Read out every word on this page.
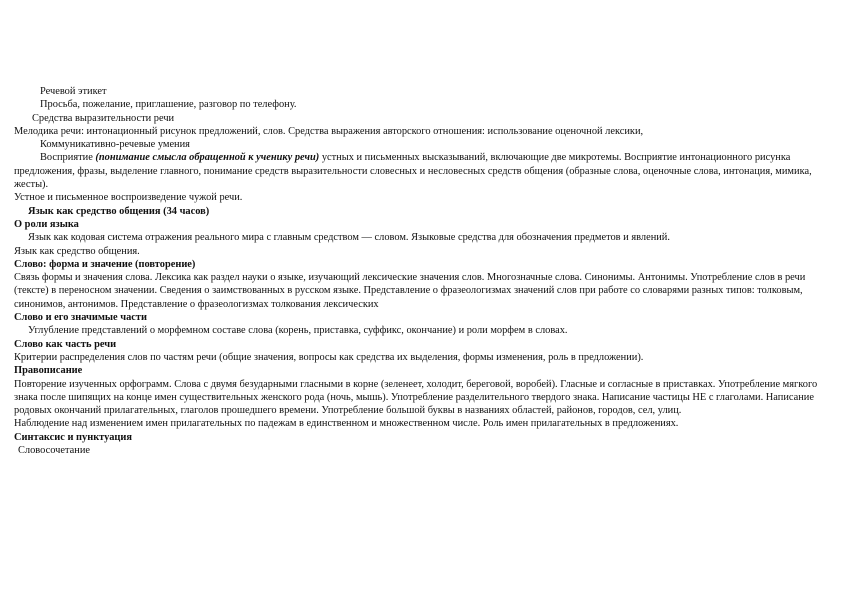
Речевой этикет

Просьба, пожелание, приглашение, разговор по телефону.

Средства выразительности речи

Мелодика речи: интонационный рисунок предложений, слов. Средства выражения авторского отношения: использование оценочной лексики,

Коммуникативно-речевые умения

Восприятие (понимание смысла обращенной к ученику речи) устных и письменных высказываний, включающие две микротемы. Восприятие интонационного рисунка предложения, фразы, выделение главного, понимание средств выразительности словесных и несловесных средств общения (образные слова, оценочные слова, интонация, мимика, жесты).

Устное и письменное воспроизведение чужой речи.

Язык как средство общения (34 часов)

О роли языка

Язык как кодовая система отражения реального мира с главным средством — словом. Языковые средства для обозначения предметов и явлений.

Язык как средство общения.

Слово: форма и значение (повторение)

Связь формы и значения слова. Лексика как раздел науки о языке, изучающий лексические значения слов. Многозначные слова. Синонимы. Антонимы. Употребление слов в речи (тексте) в переносном значении. Сведения о заимствованных в русском языке. Представление о фразеологизмах значений слов при работе со словарями разных типов: толковым, синонимов, антонимов. Представление о фразеологизмах толкования лексических

Слово и его значимые части

Углубление представлений о морфемном составе слова (корень, приставка, суффикс, окончание) и роли морфем в словах.

Слово как часть речи

Критерии распределения слов по частям речи (общие значения, вопросы как средства их выделения, формы изменения, роль в предложении).

Правописание

Повторение изученных орфограмм. Слова с двумя безударными гласными в корне (зеленеет, холодит, береговой, воробей). Гласные и согласные в приставках. Употребление мягкого знака после шипящих на конце имен существительных женского рода (ночь, мышь). Употребление разделительного твердого знака. Написание частицы НЕ с глаголами. Написание родовых окончаний прилагательных, глаголов прошедшего времени. Употребление большой буквы в названиях областей, районов, городов, сел, улиц.

Наблюдение над изменением имен прилагательных по падежам в единственном и множественном числе. Роль имен прилагательных в предложениях.

Синтаксис и пунктуация

Словосочетание
